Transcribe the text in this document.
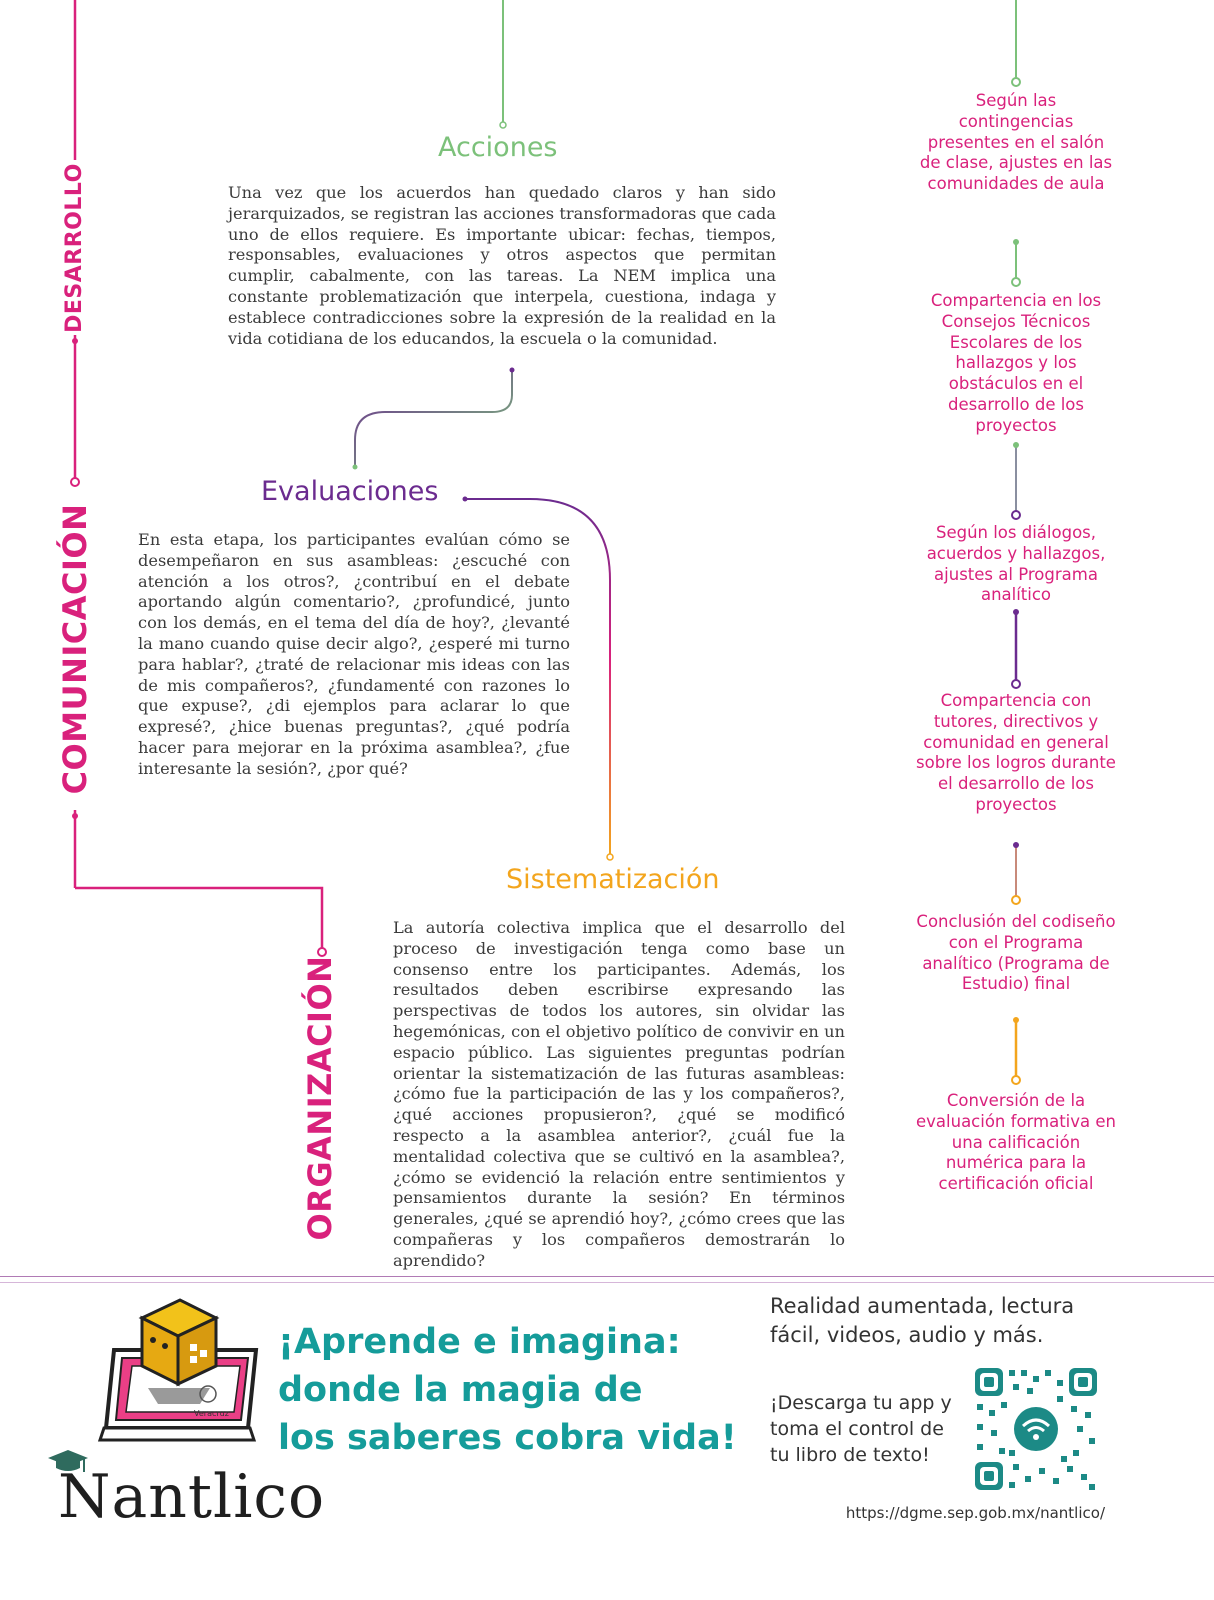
DESARROLLO
COMUNICACIÓN
ORGANIZACIÓN
Acciones

Una vez que los acuerdos han quedado claros y han sido jerarquizados, se registran las acciones transformadoras que cada uno de ellos requiere. Es importante ubicar: fechas, tiempos, responsables, evaluaciones y otros aspectos que permitan cumplir, cabalmente, con las tareas. La NEM implica una constante problematización que interpela, cuestiona, indaga y establece contradicciones sobre la expresión de la realidad en la vida cotidiana de los educandos, la escuela o la comunidad.

Evaluaciones

En esta etapa, los participantes evalúan cómo se desempeñaron en sus asambleas: ¿escuché con atención a los otros?, ¿contribuí en el debate aportando algún comentario?, ¿profundicé, junto con los demás, en el tema del día de hoy?, ¿levanté la mano cuando quise decir algo?, ¿esperé mi turno para hablar?, ¿traté de relacionar mis ideas con las de mis compañeros?, ¿fundamenté con razones lo que expuse?, ¿di ejemplos para aclarar lo que expresé?, ¿hice buenas preguntas?, ¿qué podría hacer para mejorar en la próxima asamblea?, ¿fue interesante la sesión?, ¿por qué?

Sistematización

La autoría colectiva implica que el desarrollo del proceso de investigación tenga como base un consenso entre los participantes. Además, los resultados deben escribirse expresando las perspectivas de todos los autores, sin olvidar las hegemónicas, con el objetivo político de convivir en un espacio público. Las siguientes preguntas podrían orientar la sistematización de las futuras asambleas: ¿cómo fue la participación de las y los compañeros?, ¿qué acciones propusieron?, ¿qué se modificó respecto a la asamblea anterior?, ¿cuál fue la mentalidad colectiva que se cultivó en la asamblea?, ¿cómo se evidenció la relación entre sentimientos y pensamientos durante la sesión? En términos generales, ¿qué se aprendió hoy?, ¿cómo crees que las compañeras y los compañeros demostrarán lo aprendido?

Según las contingencias presentes en el salón de clase, ajustes en las comunidades de aula

Compartencia en los Consejos Técnicos Escolares de los hallazgos y los obstáculos en el desarrollo de los proyectos

Según los diálogos, acuerdos y hallazgos, ajustes al Programa analítico

Compartencia con tutores, directivos y comunidad en general sobre los logros durante el desarrollo de los proyectos

Conclusión del codiseño con el Programa analítico (Programa de Estudio) final

Conversión de la evaluación formativa en una calificación numérica para la certificación oficial

Veracruz
Nantlico
¡Aprende e imagina:
donde la magia de
los saberes cobra vida!
Realidad aumentada, lectura
fácil, videos, audio y más.
¡Descarga tu app y
toma el control de
tu libro de texto!
https://dgme.sep.gob.mx/nantlico/
